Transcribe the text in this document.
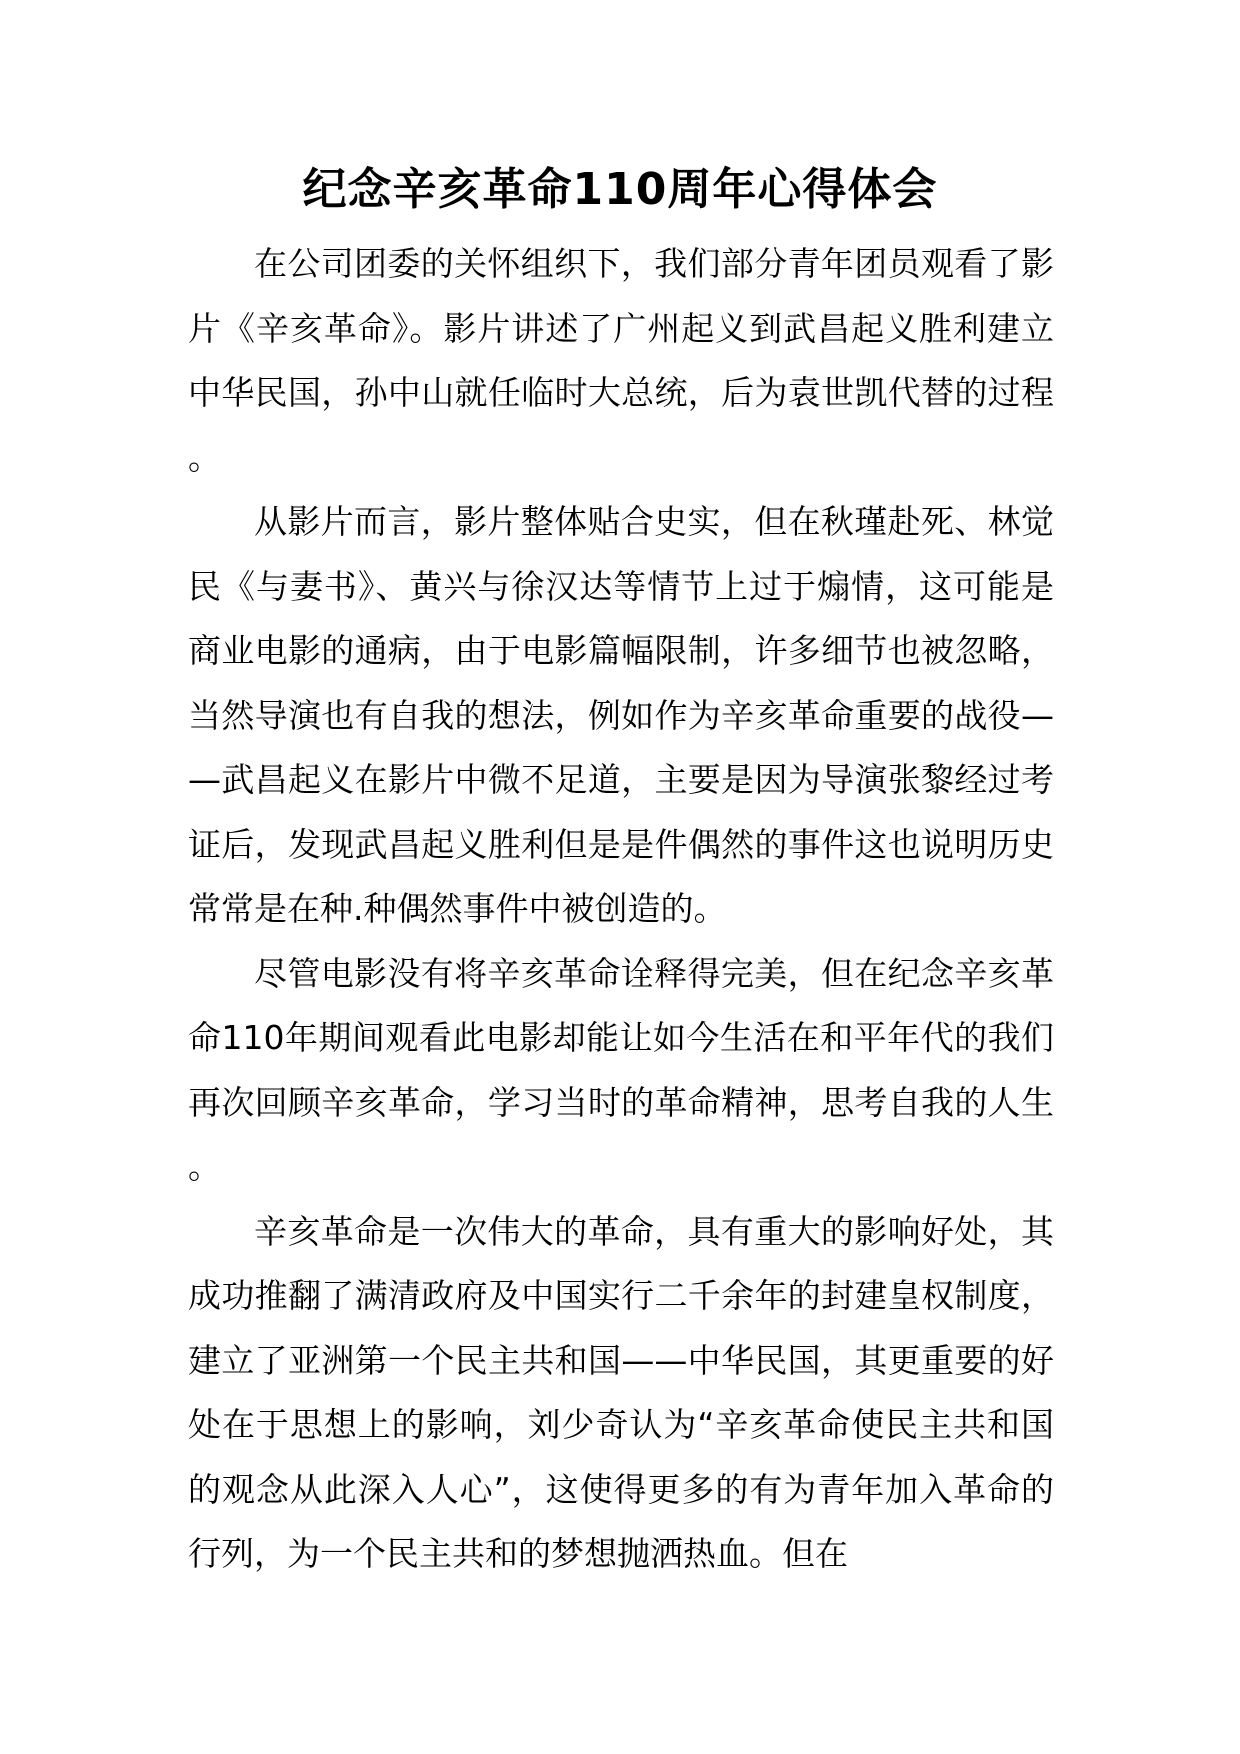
纪念辛亥革命110周年心得体会

在公司团委的关怀组织下，我们部分青年团员观看了影片《辛亥革命》。影片讲述了广州起义到武昌起义胜利建立中华民国，孙中山就任临时大总统，后为袁世凯代替的过程。

从影片而言，影片整体贴合史实，但在秋瑾赴死、林觉民《与妻书》、黄兴与徐汉达等情节上过于煽情，这可能是商业电影的通病，由于电影篇幅限制，许多细节也被忽略，当然导演也有自我的想法，例如作为辛亥革命重要的战役——武昌起义在影片中微不足道，主要是因为导演张黎经过考证后，发现武昌起义胜利但是是件偶然的事件这也说明历史常常是在种.种偶然事件中被创造的。

尽管电影没有将辛亥革命诠释得完美，但在纪念辛亥革命110年期间观看此电影却能让如今生活在和平年代的我们再次回顾辛亥革命，学习当时的革命精神，思考自我的人生。

辛亥革命是一次伟大的革命，具有重大的影响好处，其成功推翻了满清政府及中国实行二千余年的封建皇权制度，建立了亚洲第一个民主共和国——中华民国，其更重要的好处在于思想上的影响，刘少奇认为“辛亥革命使民主共和国的观念从此深入人心”，这使得更多的有为青年加入革命的行列，为一个民主共和的梦想抛洒热血。但在
